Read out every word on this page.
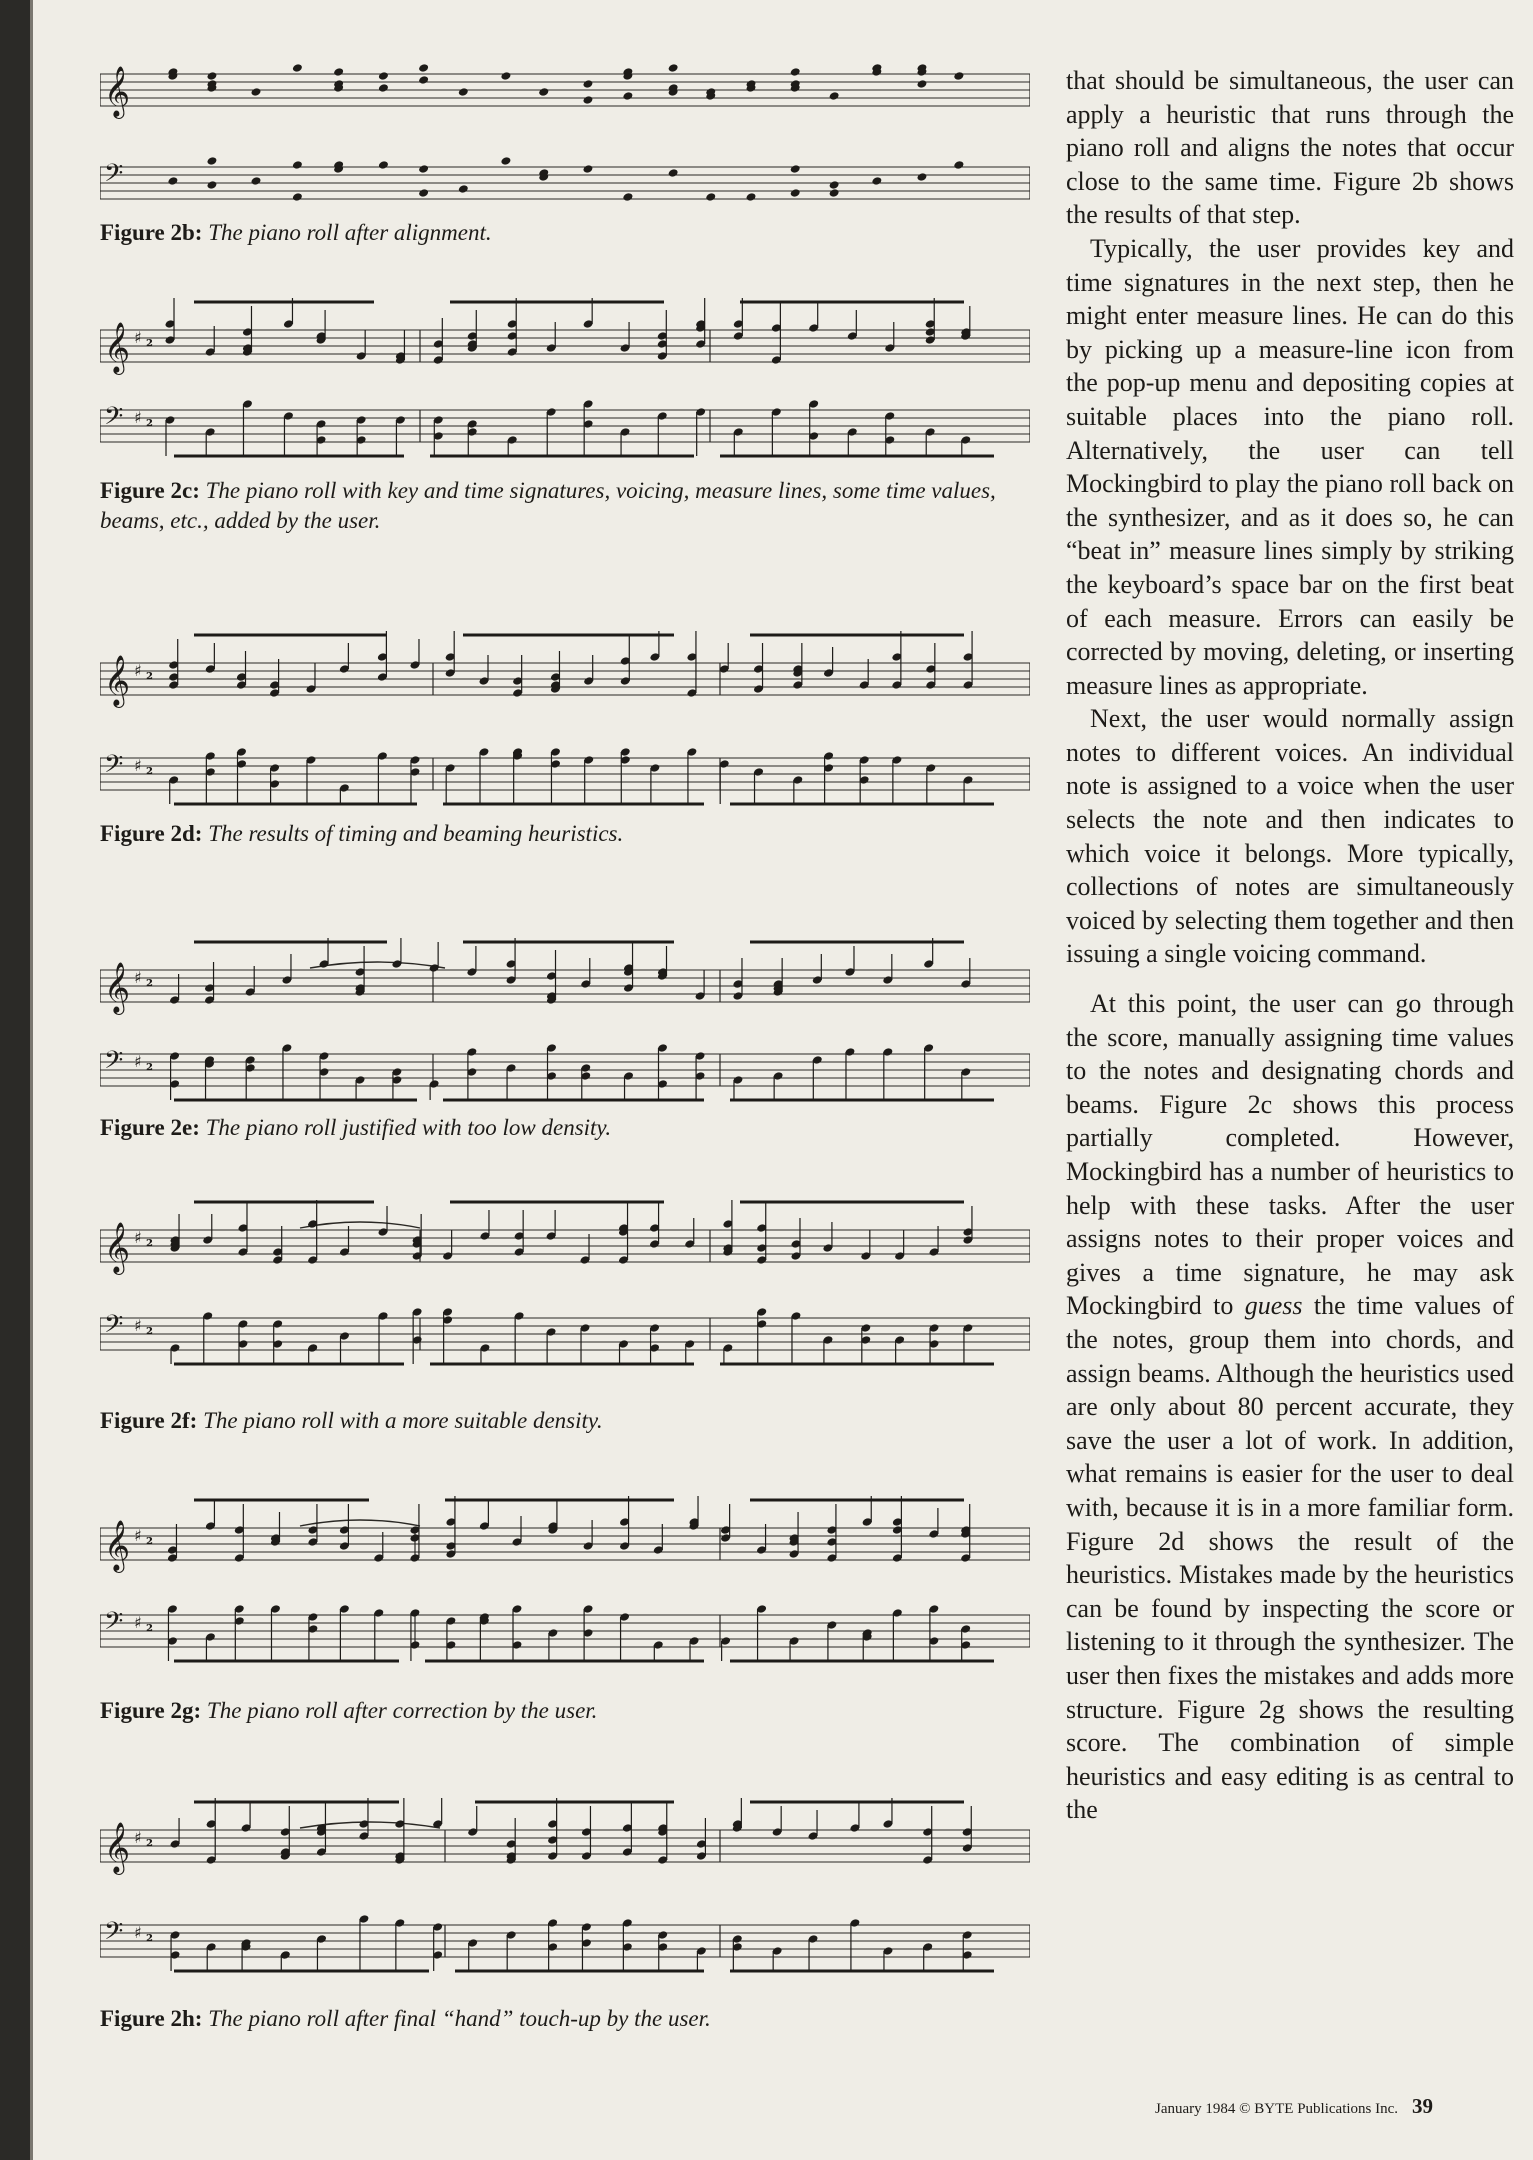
𝄞
𝄢
Figure 2b: The piano roll after alignment.
𝄞 ♯ ₂
𝄢 ♯ ₂
Figure 2c: The piano roll with key and time signatures, voicing, measure lines, some time values, beams, etc., added by the user.
𝄞 ♯ ₂
𝄢 ♯ ₂
Figure 2d: The results of timing and beaming heuristics.
𝄞 ♯ ₂
𝄢 ♯ ₂
Figure 2e: The piano roll justified with too low density.
𝄞 ♯ ₂
𝄢 ♯ ₂
Figure 2f: The piano roll with a more suitable density.
𝄞 ♯ ₂
𝄢 ♯ ₂
Figure 2g: The piano roll after correction by the user.
𝄞 ♯ ₂
𝄢 ♯ ₂
Figure 2h: The piano roll after final “hand” touch-up by the user.

that should be simultaneous, the user can apply a heuristic that runs through the piano roll and aligns the notes that occur close to the same time. Figure 2b shows the results of that step.

Typically, the user provides key and time signatures in the next step, then he might enter measure lines. He can do this by picking up a measure-line icon from the pop-up menu and depositing copies at suitable places into the piano roll. Alternatively, the user can tell Mockingbird to play the piano roll back on the synthesizer, and as it does so, he can “beat in” measure lines simply by striking the keyboard’s space bar on the first beat of each measure. Errors can easily be corrected by moving, deleting, or inserting measure lines as appropriate.

Next, the user would normally assign notes to different voices. An individual note is assigned to a voice when the user selects the note and then indicates to which voice it belongs. More typically, collections of notes are simultaneously voiced by selecting them together and then issuing a single voicing command.

At this point, the user can go through the score, manually assigning time values to the notes and designating chords and beams. Figure 2c shows this process partially completed. However, Mockingbird has a number of heuristics to help with these tasks. After the user assigns notes to their proper voices and gives a time signature, he may ask Mockingbird to guess the time values of the notes, group them into chords, and assign beams. Although the heuristics used are only about 80 percent accurate, they save the user a lot of work. In addition, what remains is easier for the user to deal with, because it is in a more familiar form. Figure 2d shows the result of the heuristics. Mistakes made by the heuristics can be found by inspecting the score or listening to it through the synthesizer. The user then fixes the mistakes and adds more structure. Figure 2g shows the resulting score. The combination of simple heuristics and easy editing is as central to the

January 1984 © BYTE Publications Inc. 39
